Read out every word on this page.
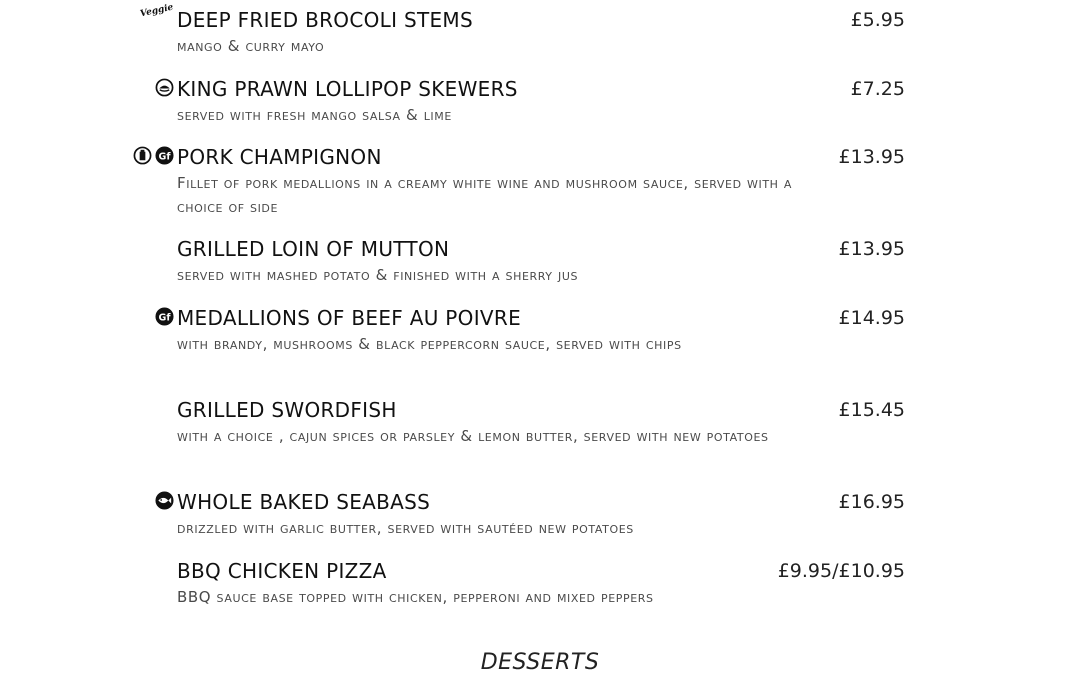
Veggie DEEP FRIED BROCOLI STEMS	£5.95
mango & curry mayo
KING PRAWN LOLLIPOP SKEWERS	£7.25
served with fresh mango salsa & lime
Gf PORK CHAMPIGNON	£13.95
Fillet of pork medallions in a creamy white wine and mushroom sauce, served with a choice of side
GRILLED LOIN OF MUTTON	£13.95
served with mashed potato & finished with a sherry jus
Gf MEDALLIONS OF BEEF AU POIVRE	£14.95
with brandy, mushrooms & black peppercorn sauce, served with chips
GRILLED SWORDFISH	£15.45
with a choice , cajun spices or parsley & lemon butter, served with new potatoes
WHOLE BAKED SEABASS	£16.95
drizzled with garlic butter, served with sautéed new potatoes
BBQ CHICKEN PIZZA	£9.95/£10.95
BBQ sauce base topped with chicken, pepperoni and mixed peppers
DESSERTS
